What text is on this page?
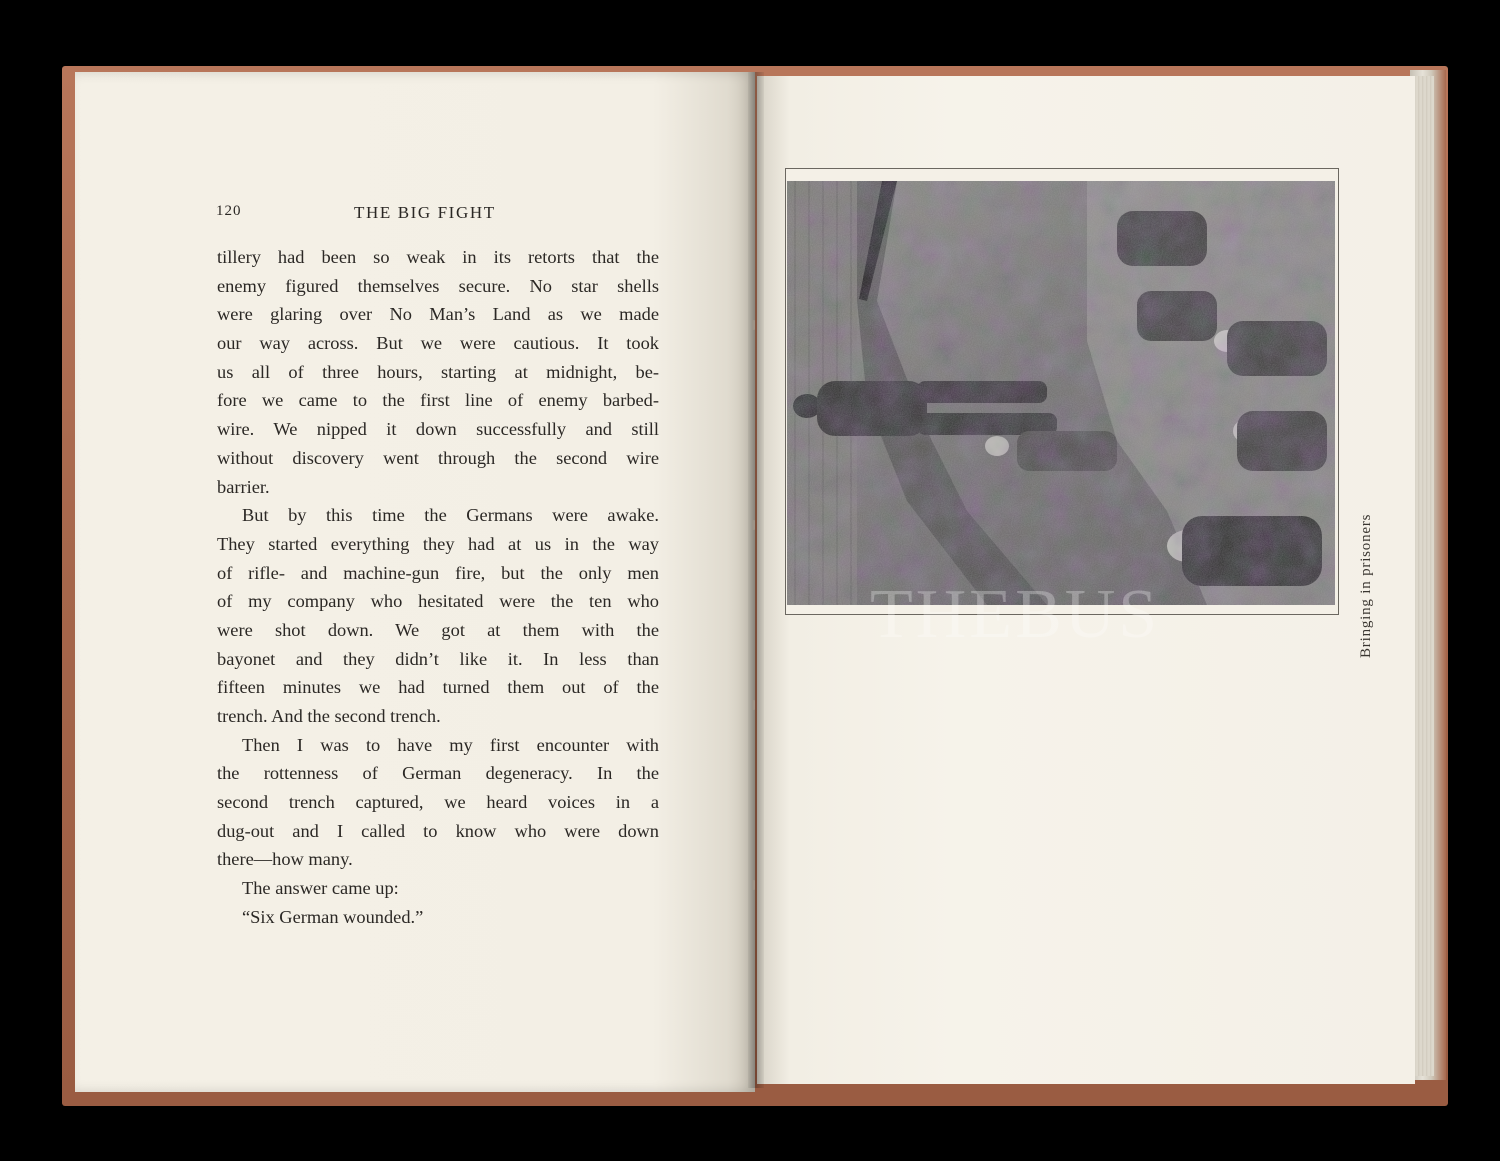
120	THE BIG FIGHT
tillery had been so weak in its retorts that the
enemy figured themselves secure. No star shells
were glaring over No Man’s Land as we made
our way across. But we were cautious. It took
us all of three hours, starting at midnight, be-
fore we came to the first line of enemy barbed-
wire. We nipped it down successfully and still
without discovery went through the second wire
barrier.
But by this time the Germans were awake.
They started everything they had at us in the way
of rifle- and machine-gun fire, but the only men
of my company who hesitated were the ten who
were shot down. We got at them with the
bayonet and they didn’t like it. In less than
fifteen minutes we had turned them out of the
trench. And the second trench.
Then I was to have my first encounter with
the rottenness of German degeneracy. In the
second trench captured, we heard voices in a
dug-out and I called to know who were down
there—how many.
The answer came up:
“Six German wounded.”
Bringing in prisoners
THEBUS
